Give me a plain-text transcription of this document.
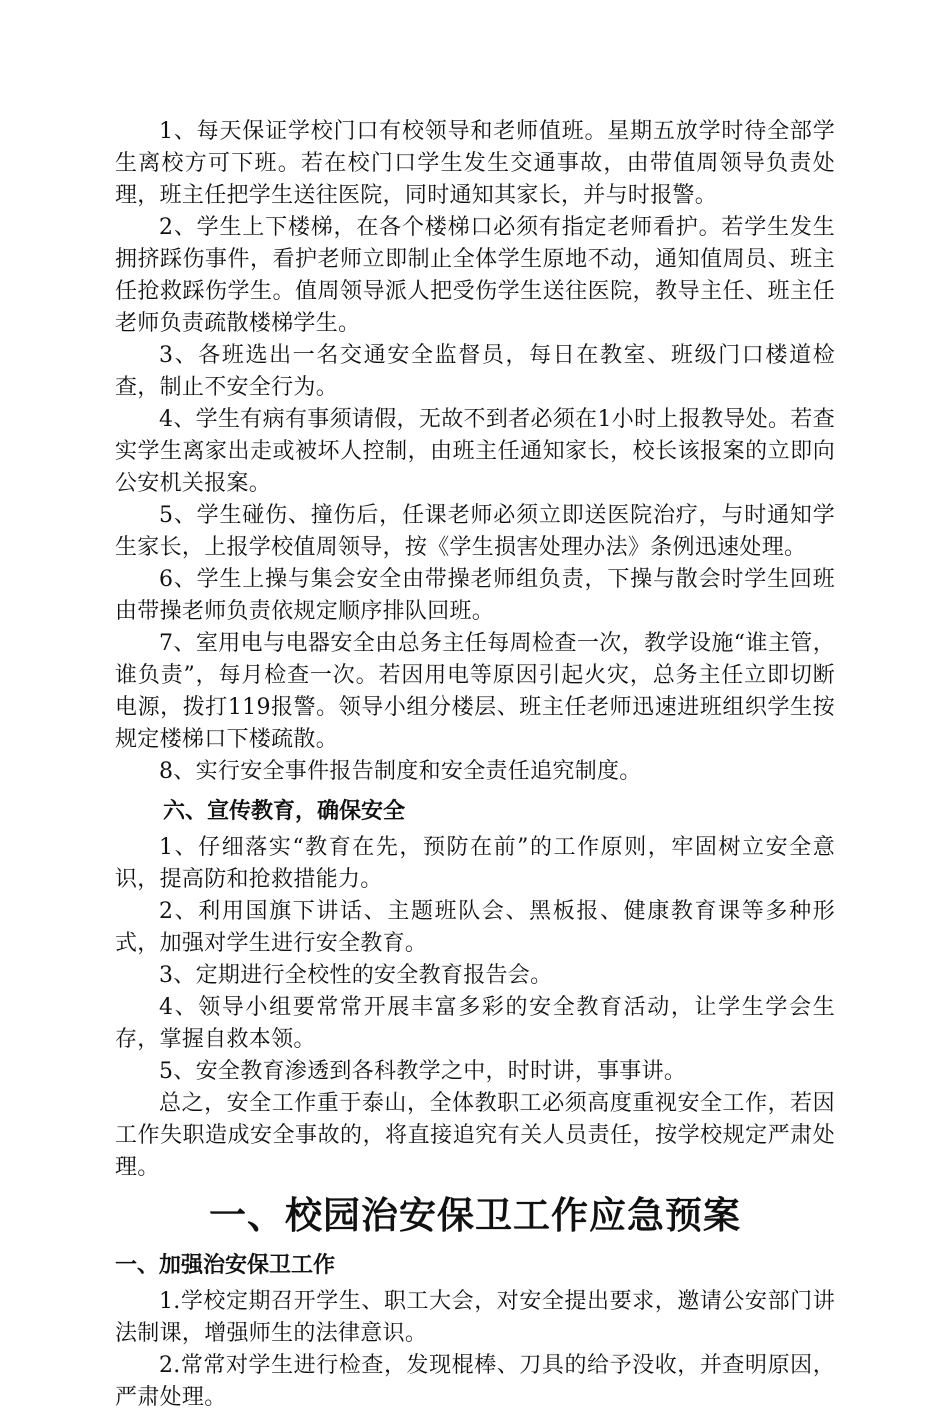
1、每天保证学校门口有校领导和老师值班。星期五放学时待全部学生离校方可下班。若在校门口学生发生交通事故，由带值周领导负责处理，班主任把学生送往医院，同时通知其家长，并与时报警。

2、学生上下楼梯，在各个楼梯口必须有指定老师看护。若学生发生拥挤踩伤事件，看护老师立即制止全体学生原地不动，通知值周员、班主任抢救踩伤学生。值周领导派人把受伤学生送往医院，教导主任、班主任老师负责疏散楼梯学生。

3、各班选出一名交通安全监督员，每日在教室、班级门口楼道检查，制止不安全行为。

4、学生有病有事须请假，无故不到者必须在1小时上报教导处。若查实学生离家出走或被坏人控制，由班主任通知家长，校长该报案的立即向公安机关报案。

5、学生碰伤、撞伤后，任课老师必须立即送医院治疗，与时通知学生家长，上报学校值周领导，按《学生损害处理办法》条例迅速处理。

6、学生上操与集会安全由带操老师组负责，下操与散会时学生回班由带操老师负责依规定顺序排队回班。

7、室用电与电器安全由总务主任每周检查一次，教学设施“谁主管，谁负责”，每月检查一次。若因用电等原因引起火灾，总务主任立即切断电源，拨打119报警。领导小组分楼层、班主任老师迅速进班组织学生按规定楼梯口下楼疏散。

8、实行安全事件报告制度和安全责任追究制度。

六、宣传教育，确保安全

1、仔细落实“教育在先，预防在前”的工作原则，牢固树立安全意识，提高防和抢救措能力。

2、利用国旗下讲话、主题班队会、黑板报、健康教育课等多种形式，加强对学生进行安全教育。

3、定期进行全校性的安全教育报告会。

4、领导小组要常常开展丰富多彩的安全教育活动，让学生学会生存，掌握自救本领。

5、安全教育渗透到各科教学之中，时时讲，事事讲。

总之，安全工作重于泰山，全体教职工必须高度重视安全工作，若因工作失职造成安全事故的，将直接追究有关人员责任，按学校规定严肃处理。

一、校园治安保卫工作应急预案
一、加强治安保卫工作

1.学校定期召开学生、职工大会，对安全提出要求，邀请公安部门讲法制课，增强师生的法律意识。

2.常常对学生进行检查，发现棍棒、刀具的给予没收，并查明原因，严肃处理。
